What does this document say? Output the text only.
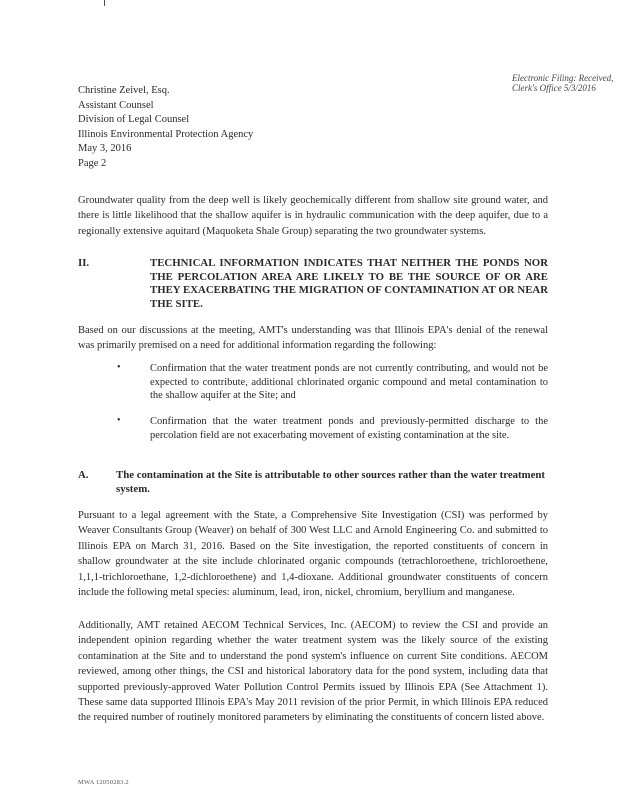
Electronic Filing: Received, Clerk's Office 5/3/2016
Christine Zeivel, Esq.
Assistant Counsel
Division of Legal Counsel
Illinois Environmental Protection Agency
May 3, 2016
Page 2
Groundwater quality from the deep well is likely geochemically different from shallow site ground water, and there is little likelihood that the shallow aquifer is in hydraulic communication with the deep aquifer, due to a regionally extensive aquitard (Maquoketa Shale Group) separating the two groundwater systems.
II.	TECHNICAL INFORMATION INDICATES THAT NEITHER THE PONDS NOR THE PERCOLATION AREA ARE LIKELY TO BE THE SOURCE OF OR ARE THEY EXACERBATING THE MIGRATION OF CONTAMINATION AT OR NEAR THE SITE.
Based on our discussions at the meeting, AMT's understanding was that Illinois EPA's denial of the renewal was primarily premised on a need for additional information regarding the following:
•	Confirmation that the water treatment ponds are not currently contributing, and would not be expected to contribute, additional chlorinated organic compound and metal contamination to the shallow aquifer at the Site; and
•	Confirmation that the water treatment ponds and previously-permitted discharge to the percolation field are not exacerbating movement of existing contamination at the site.
A.	The contamination at the Site is attributable to other sources rather than the water treatment system.
Pursuant to a legal agreement with the State, a Comprehensive Site Investigation (CSI) was performed by Weaver Consultants Group (Weaver) on behalf of 300 West LLC and Arnold Engineering Co. and submitted to Illinois EPA on March 31, 2016. Based on the Site investigation, the reported constituents of concern in shallow groundwater at the site include chlorinated organic compounds (tetrachloroethene, trichloroethene, 1,1,1-trichloroethane, 1,2-dichloroethene) and 1,4-dioxane. Additional groundwater constituents of concern include the following metal species: aluminum, lead, iron, nickel, chromium, beryllium and manganese.
Additionally, AMT retained AECOM Technical Services, Inc. (AECOM) to review the CSI and provide an independent opinion regarding whether the water treatment system was the likely source of the existing contamination at the Site and to understand the pond system's influence on current Site conditions. AECOM reviewed, among other things, the CSI and historical laboratory data for the pond system, including data that supported previously-approved Water Pollution Control Permits issued by Illinois EPA (See Attachment 1). These same data supported Illinois EPA's May 2011 revision of the prior Permit, in which Illinois EPA reduced the required number of routinely monitored parameters by eliminating the constituents of concern listed above.
MWA 12050283.2
